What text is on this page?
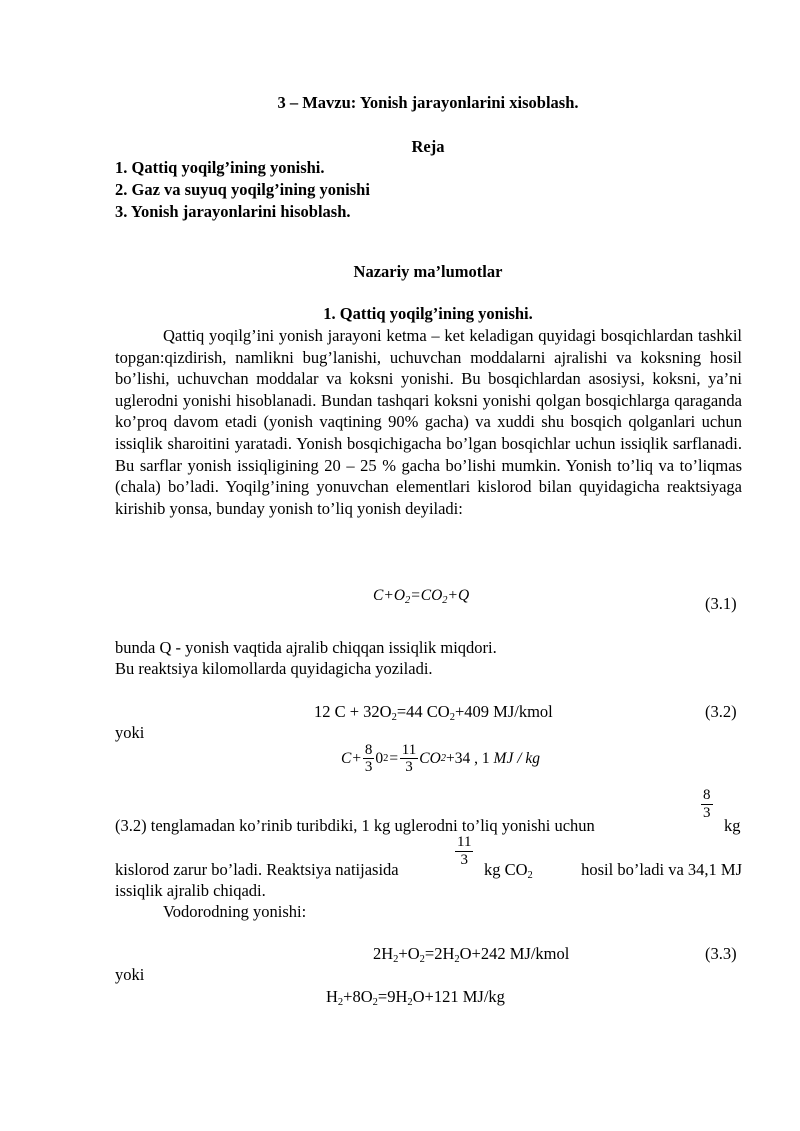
3 – Mavzu: Yonish jarayonlarini xisoblash.
Reja
1. Qattiq yoqilg’ining yonishi.
2. Gaz va suyuq yoqilg’ining yonishi
3. Yonish jarayonlarini hisoblash.
Nazariy ma’lumotlar
1. Qattiq yoqilg’ining yonishi.
Qattiq yoqilg’ini yonish jarayoni ketma – ket keladigan quyidagi bosqichlardan tashkil topgan:qizdirish, namlikni bug’lanishi, uchuvchan moddalarni ajralishi va koksning hosil bo’lishi, uchuvchan moddalar va koksni yonishi. Bu bosqichlardan asosiysi, koksni, ya’ni uglerodni yonishi hisoblanadi. Bundan tashqari koksni yonishi qolgan bosqichlarga qaraganda ko’proq davom etadi (yonish vaqtining 90% gacha) va xuddi shu bosqich qolganlari uchun issiqlik sharoitini yaratadi. Yonish bosqichigacha bo’lgan bosqichlar uchun issiqlik sarflanadi. Bu sarflar yonish issiqligining 20 – 25 % gacha bo’lishi mumkin. Yonish to’liq va to’liqmas (chala) bo’ladi. Yoqilg’ining yonuvchan elementlari kislorod bilan quyidagicha reaktsiyaga kirishib yonsa, bunday yonish to’liq yonish deyiladi:
$C+O_2=CO_2+Q$	(3.1)
bunda Q - yonish vaqtida ajralib chiqqan issiqlik miqdori.
Bu reaktsiya kilomollarda quyidagicha yoziladi.
12 $C + 32O_2=44$ $CO_2+409$ MJ/kmol	(3.2)
yoki
$C + \frac{8}{3} 0$ $2 = \frac{11}{3}$ CO 2 +34 , 1
MJ / kg
(3.2) tenglamadan ko’rinib turibdiki, 1 kg uglerodni to’liq yonishi uchun
8
3
kg
kislorod zarur bo’ladi. Reaktsiya natijasida
11
3 kg $CO_2$	hosil bo’ladi va 34,1 MJ
issiqlik ajralib chiqadi.
Vodorodning yonishi:
$2H_2+O_2=2H_2O+242$ MJ/kmol	(3.3)
yoki
$H_2+8O_2=9H_2O+121$ MJ/kg
